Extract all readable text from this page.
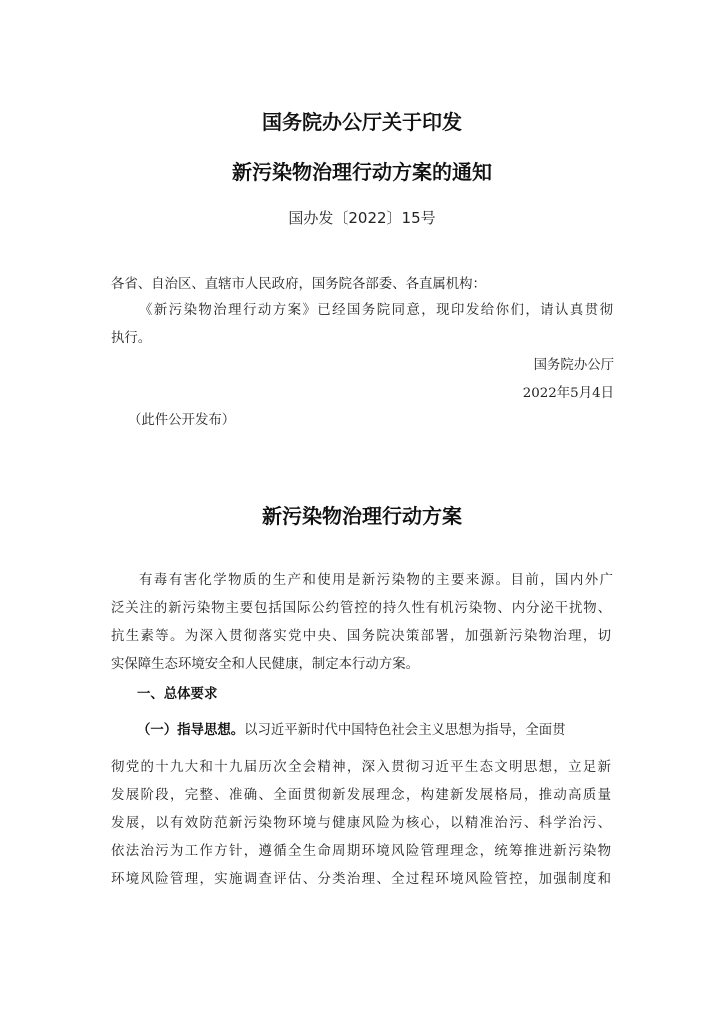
国务院办公厅关于印发
新污染物治理行动方案的通知
国办发〔2022〕15号
各省、自治区、直辖市人民政府，国务院各部委、各直属机构：
《新污染物治理行动方案》已经国务院同意，现印发给你们，请认真贯彻
执行。
国务院办公厅
2022年5月4日
（此件公开发布）
新污染物治理行动方案
有毒有害化学物质的生产和使用是新污染物的主要来源。目前，国内外广
泛关注的新污染物主要包括国际公约管控的持久性有机污染物、内分泌干扰物、
抗生素等。为深入贯彻落实党中央、国务院决策部署，加强新污染物治理，切
实保障生态环境安全和人民健康，制定本行动方案。
一、总体要求
（一）指导思想。以习近平新时代中国特色社会主义思想为指导，全面贯
彻党的十九大和十九届历次全会精神，深入贯彻习近平生态文明思想，立足新
发展阶段，完整、准确、全面贯彻新发展理念，构建新发展格局，推动高质量
发展，以有效防范新污染物环境与健康风险为核心，以精准治污、科学治污、
依法治污为工作方针，遵循全生命周期环境风险管理理念，统筹推进新污染物
环境风险管理，实施调查评估、分类治理、全过程环境风险管控，加强制度和
